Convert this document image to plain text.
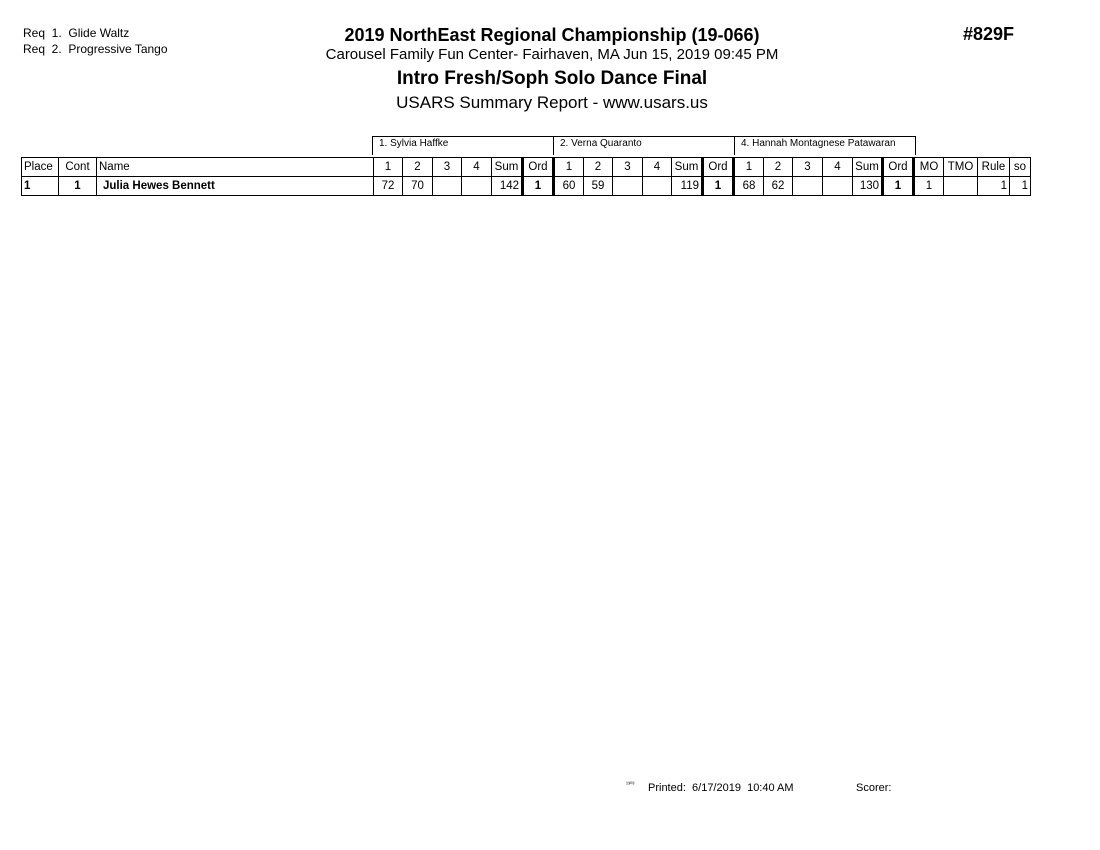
Req  1.  Glide Waltz
Req  2.  Progressive Tango
2019 NorthEast Regional Championship (19-066)
Carousel Family Fun Center- Fairhaven, MA Jun 15, 2019 09:45 PM
Intro Fresh/Soph Solo Dance Final
USARS Summary Report - www.usars.us
#829F
1. Sylvia Haffke	2. Verna Quaranto	4. Hannah Montagnese Patawaran
Place	Cont	Name	1	2	3	4	Sum	Ord	1	2	3	4	Sum	Ord	1	2	3	4	Sum	Ord	MO	TMO	Rule	so
1	1	Julia Hewes Bennett	72	70			142	1	60	59			119	1	68	62			130	1	1		1	1
¹³⁰³ Printed:  6/17/2019  10:40 AM	Scorer:
